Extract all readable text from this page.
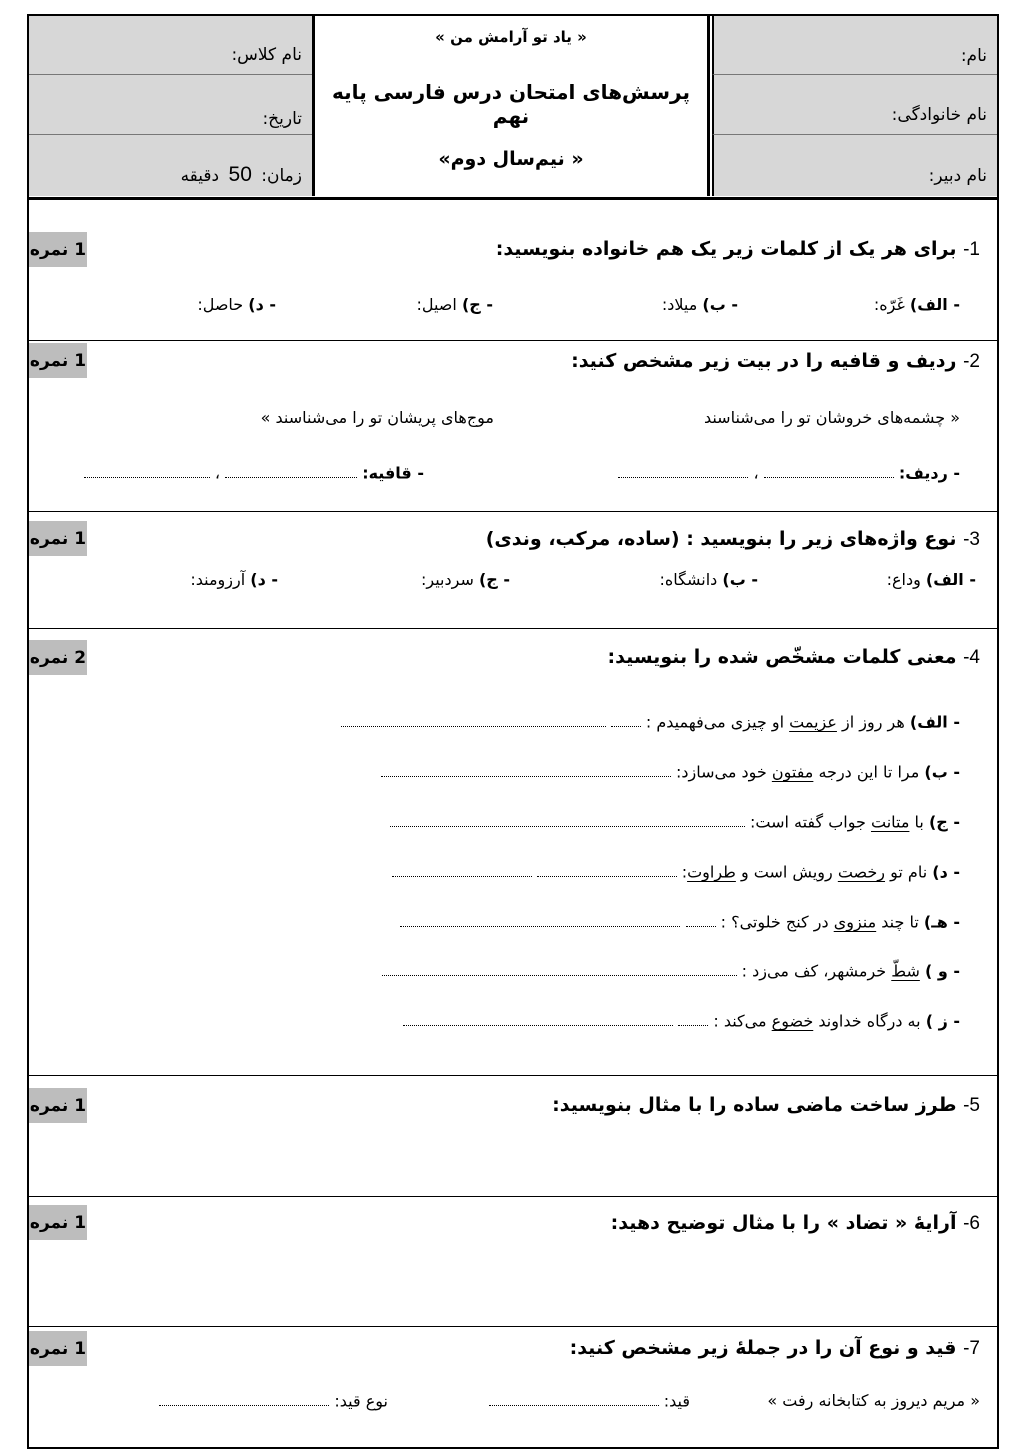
نام:
نام خانوادگی:
نام دبیر:
« یاد تو آرامش من »
پرسش‌های امتحان درس فارسی پایه نهم
« نیم‌سال دوم»
نام کلاس:
تاریخ:
زمان: 50 دقیقه
1- برای هر یک از کلمات زیر یک هم خانواده بنویسید:
1 نمره
- الف) غَرّه:
- ب) میلاد:
- ج) اصیل:
- د) حاصل:
2- ردیف و قافیه را در بیت زیر مشخص کنید:
1 نمره
« چشمه‌های خروشان تو را می‌شناسند
موج‌های پریشان تو را می‌شناسند »
- ردیف:  ،
- قافیه:  ،
3- نوع واژه‌های زیر را بنویسید : (ساده، مرکب، وندی)
1 نمره
- الف) وداع:
- ب) دانشگاه:
- ج) سردبیر:
- د) آرزومند:
4- معنی کلمات مشخّص شده را بنویسید:
2 نمره
- الف) هر روز از عزیمت او چیزی می‌فهمیدم :
- ب) مرا تا این درجه مفتون خود می‌سازد:
- ج) با متانت جواب گفته است:
- د) نام تو رخصت رویش است و طراوت:
- هـ) تا چند منزوی در کنج خلوتی؟ :
- و ) شطّ خرمشهر، کف می‌زد :
- ز ) به درگاه خداوند خضوع می‌کند :
5- طرز ساخت ماضی ساده را با مثال بنویسید:
1 نمره
6- آرایۀ « تضاد » را با مثال توضیح دهید:
1 نمره
7- قید و نوع آن را در جملۀ زیر مشخص کنید:
1 نمره
« مریم دیروز به کتابخانه رفت »
قید:
نوع قید:
